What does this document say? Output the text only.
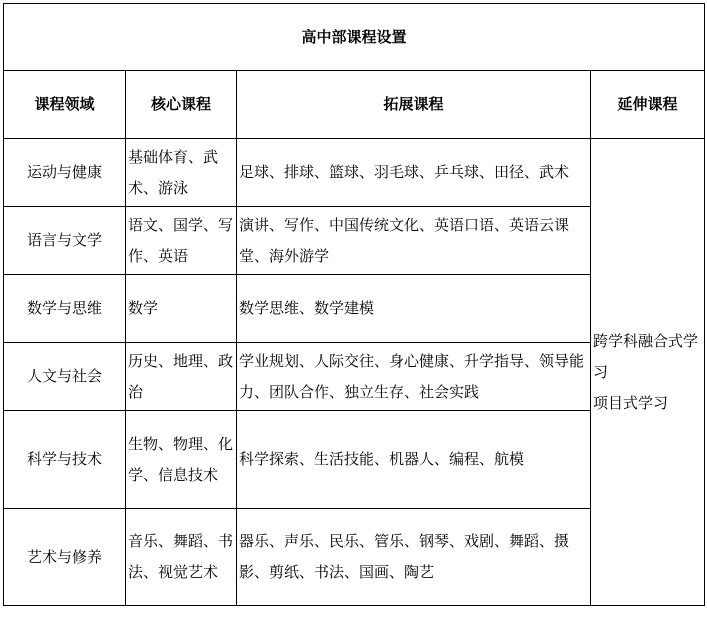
高中部课程设置			
课程领域	核心课程	拓展课程	延伸课程
运动与健康	基础体育、武术、游泳	足球、排球、篮球、羽毛球、乒乓球、田径、武术	跨学科融合式学习
项目式学习

语言与文学	语文、国学、写作、英语	演讲、写作、中国传统文化、英语口语、英语云课堂、海外游学	
数学与思维	数学	数学思维、数学建模	
人文与社会	历史、地理、政治	学业规划、人际交往、身心健康、升学指导、领导能力、团队合作、独立生存、社会实践	
科学与技术	生物、物理、化学、信息技术	科学探索、生活技能、机器人、编程、航模	
艺术与修养	音乐、舞蹈、书法、视觉艺术	器乐、声乐、民乐、管乐、钢琴、戏剧、舞蹈、摄影、剪纸、书法、国画、陶艺	
